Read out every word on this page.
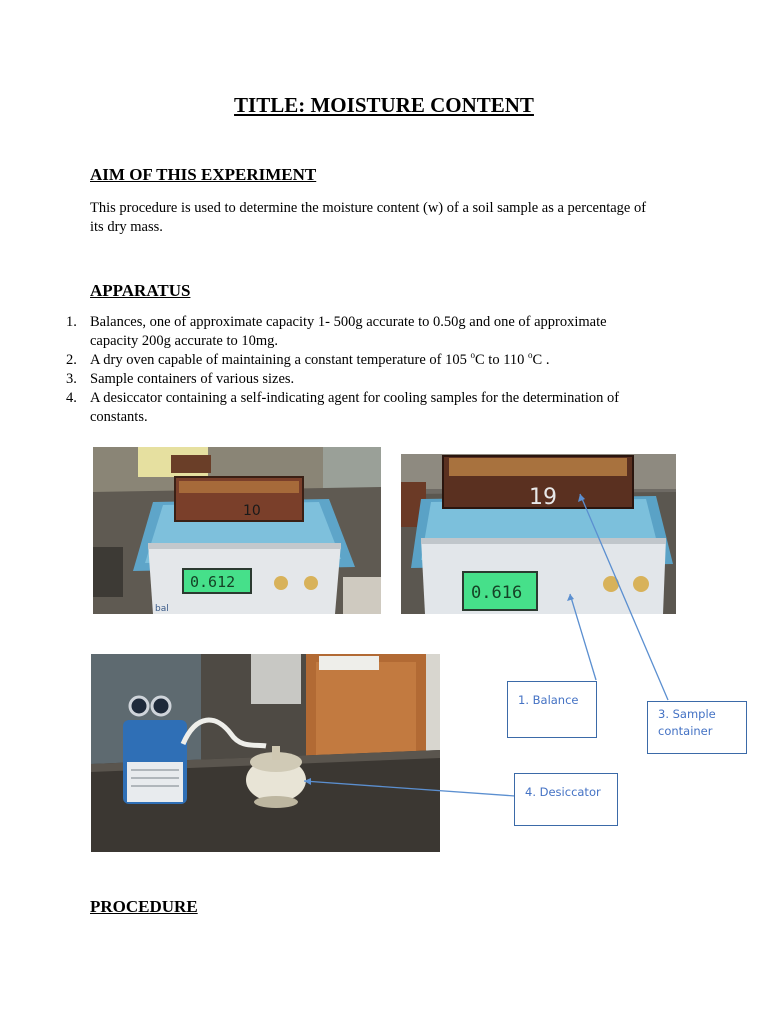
TITLE: MOISTURE CONTENT
AIM OF THIS EXPERIMENT
This procedure is used to determine the moisture content (w) of a soil sample as a percentage of
its dry mass.
APPARATUS
1. Balances, one of approximate capacity 1- 500g accurate to 0.50g and one of approximate
capacity 200g accurate to 10mg.
2. A dry oven capable of maintaining a constant temperature of 105 $^o$C to 110 $^o$C .
3. Sample containers of various sizes.
4. A desiccator containing a self-indicating agent for cooling samples for the determination of
constants.
10
0.612
bal
19
0.616
1. Balance
3. Sample
container
4. Desiccator
PROCEDURE
